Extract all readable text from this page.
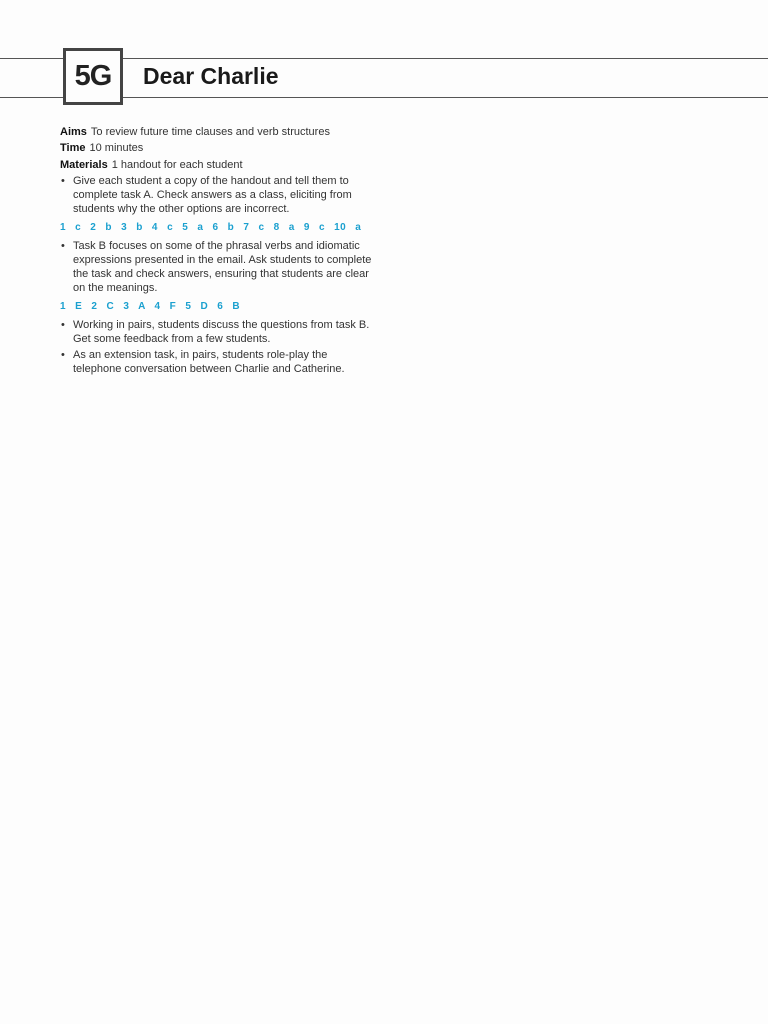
5G	Dear Charlie
Aims To review future time clauses and verb structures
Time 10 minutes
Materials 1 handout for each student
• Give each student a copy of the handout and tell them to complete task A. Check answers as a class, eliciting from students why the other options are incorrect.
1 c 2 b 3 b 4 c 5 a 6 b 7 c 8 a 9 c 10 a
• Task B focuses on some of the phrasal verbs and idiomatic expressions presented in the email. Ask students to complete the task and check answers, ensuring that students are clear on the meanings.
1 E 2 C 3 A 4 F 5 D 6 B
• Working in pairs, students discuss the questions from task B. Get some feedback from a few students.
• As an extension task, in pairs, students role-play the telephone conversation between Charlie and Catherine.
